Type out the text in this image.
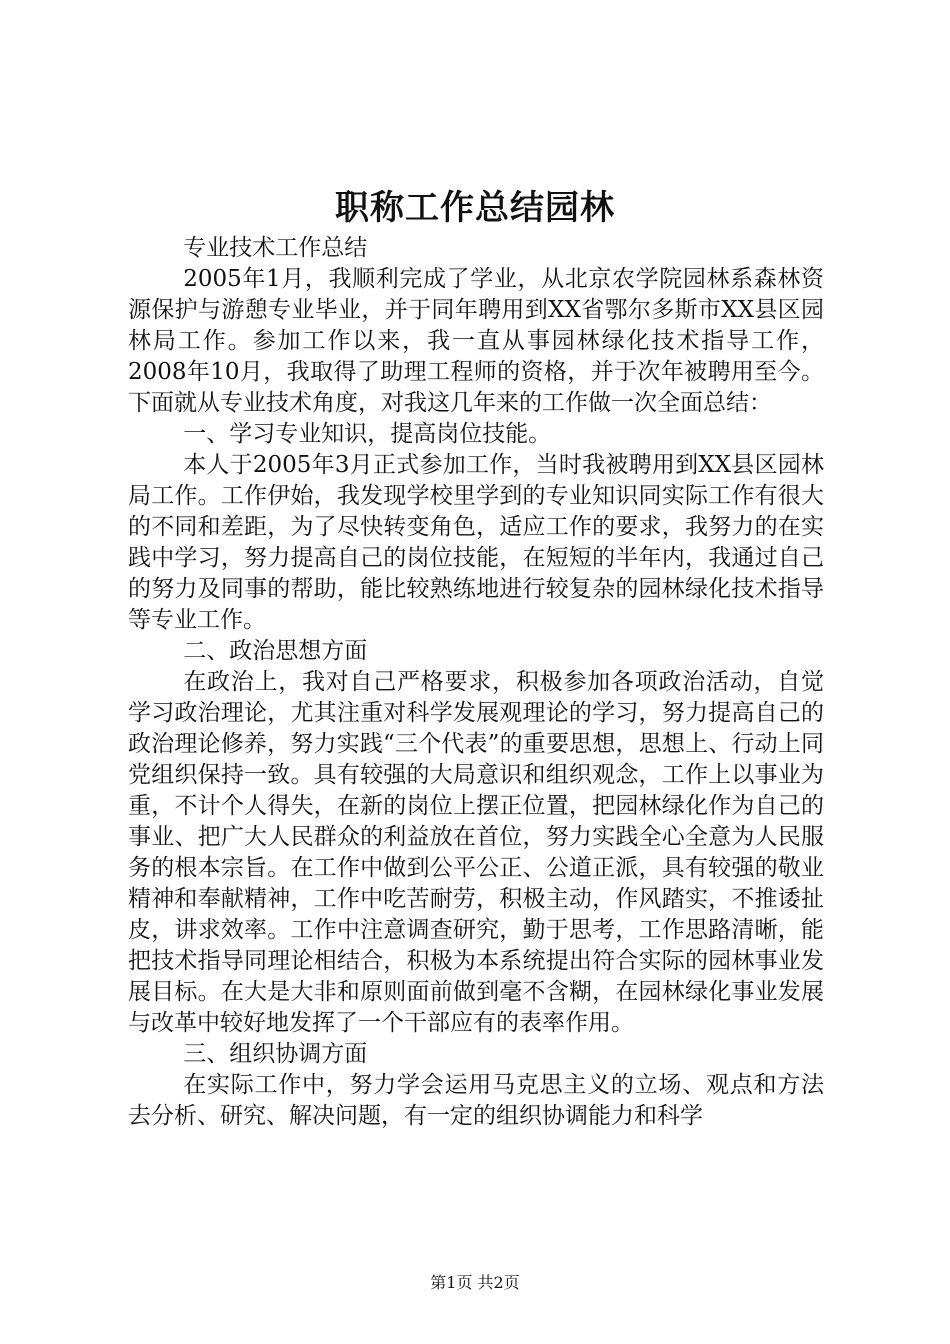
职称工作总结园林

专业技术工作总结

2005年1月，我顺利完成了学业，从北京农学院园林系森林资源保护与游憩专业毕业，并于同年聘用到XX省鄂尔多斯市XX县区园林局工作。参加工作以来，我一直从事园林绿化技术指导工作，2008年10月，我取得了助理工程师的资格，并于次年被聘用至今。下面就从专业技术角度，对我这几年来的工作做一次全面总结：

一、学习专业知识，提高岗位技能。

本人于2005年3月正式参加工作，当时我被聘用到XX县区园林局工作。工作伊始，我发现学校里学到的专业知识同实际工作有很大的不同和差距，为了尽快转变角色，适应工作的要求，我努力的在实践中学习，努力提高自己的岗位技能，在短短的半年内，我通过自己的努力及同事的帮助，能比较熟练地进行较复杂的园林绿化技术指导等专业工作。

二、政治思想方面

在政治上，我对自己严格要求，积极参加各项政治活动，自觉学习政治理论，尤其注重对科学发展观理论的学习，努力提高自己的政治理论修养，努力实践“三个代表”的重要思想，思想上、行动上同党组织保持一致。具有较强的大局意识和组织观念，工作上以事业为重，不计个人得失，在新的岗位上摆正位置，把园林绿化作为自己的事业、把广大人民群众的利益放在首位，努力实践全心全意为人民服务的根本宗旨。在工作中做到公平公正、公道正派，具有较强的敬业精神和奉献精神，工作中吃苦耐劳，积极主动，作风踏实，不推诿扯皮，讲求效率。工作中注意调查研究，勤于思考，工作思路清晰，能把技术指导同理论相结合，积极为本系统提出符合实际的园林事业发展目标。在大是大非和原则面前做到毫不含糊，在园林绿化事业发展与改革中较好地发挥了一个干部应有的表率作用。

三、组织协调方面

在实际工作中，努力学会运用马克思主义的立场、观点和方法去分析、研究、解决问题，有一定的组织协调能力和科学

第1页 共2页
